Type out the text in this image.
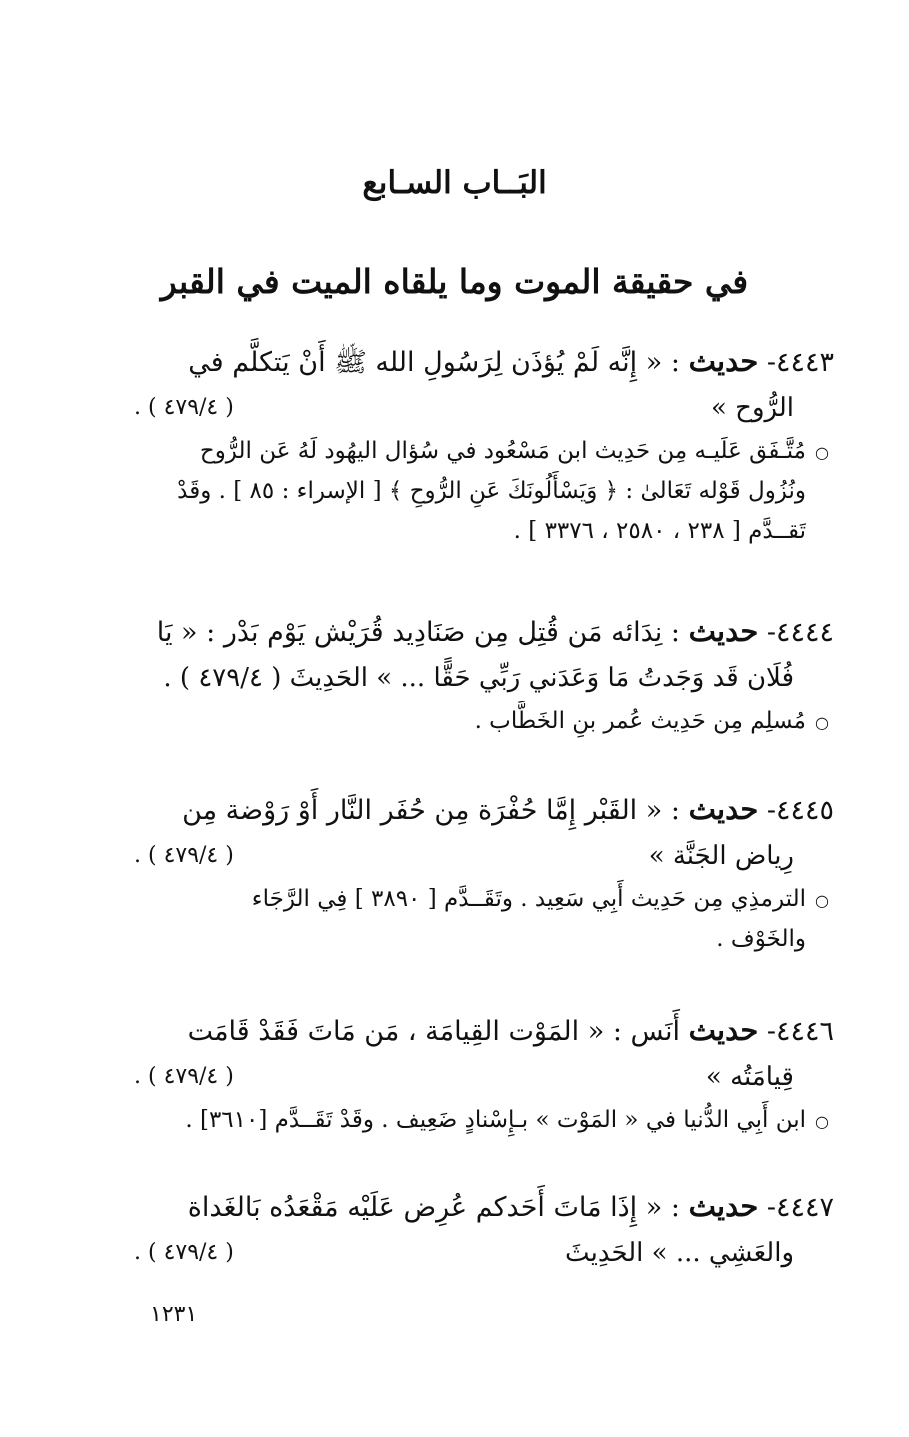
البَــاب السـابع
في حقيقة الموت وما يلقاه الميت في القبر
٤٤٤٣- حديث : « إِنَّه لَمْ يُؤذَن لِرَسُولِ الله ﷺ أَنْ يَتكلَّم في
الرُّوح »
( ٤٧٩/٤ ) .
○
مُتَّـفَق عَلَيـه مِن حَدِيث ابن مَسْعُود في سُؤال اليهُود لَهُ عَن الرُّوح
ونُزُول قَوْله تَعَالىٰ : ﴿ وَيَسْأَلُونَكَ عَنِ الرُّوحِ ﴾ [ الإسراء : ٨٥ ] . وقَدْ
تَقــدَّم [ ٢٣٨ ، ٢٥٨٠ ، ٣٣٧٦ ] .
٤٤٤٤- حديث : نِدَائه مَن قُتِل مِن صَنَادِيد قُرَيْش يَوْم بَدْر : « يَا
فُلَان قَد وَجَدتُ مَا وَعَدَني رَبِّي حَقًّا ... » الحَدِيثَ ( ٤٧٩/٤ ) .
○
مُسلِم مِن حَدِيث عُمر بنِ الخَطَّاب .
٤٤٤٥- حديث : « القَبْر إِمَّا حُفْرَة مِن حُفَر النَّار أَوْ رَوْضة مِن
رِياض الجَنَّة »
( ٤٧٩/٤ ) .
○
الترمذِي مِن حَدِيث أَبِي سَعِيد . وتَقَــدَّم [ ٣٨٩٠ ] فِي الرَّجَاء
والخَوْف .
٤٤٤٦- حديث أَنَس : « المَوْت القِيامَة ، مَن مَاتَ فَقَدْ قَامَت
قِيامَتُه »
( ٤٧٩/٤ ) .
○
ابن أَبِي الدُّنيا في « المَوْت » بـإِسْنادٍ ضَعِيف . وقَدْ تَقَــدَّم [٣٦١٠] .
٤٤٤٧- حديث : « إِذَا مَاتَ أَحَدكم عُرِض عَلَيْه مَقْعَدُه بَالغَداة
والعَشِي ... » الحَدِيثَ
( ٤٧٩/٤ ) .
١٢٣١
